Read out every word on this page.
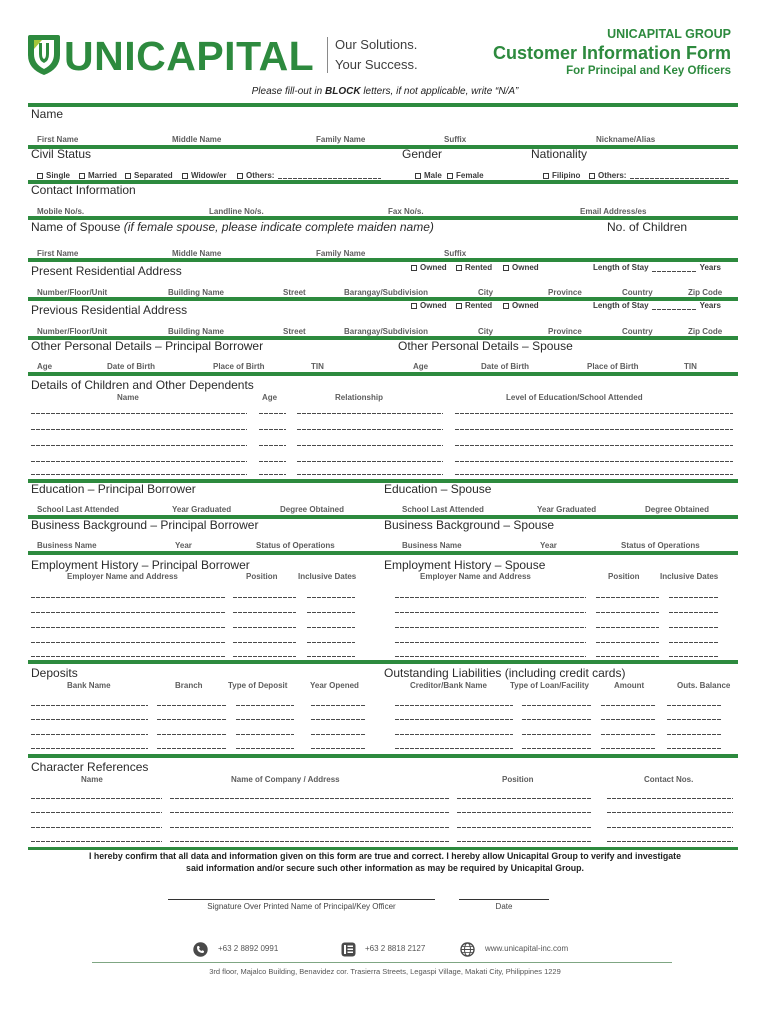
UNICAPITAL Our Solutions.
Your Success.
UNICAPITAL GROUP
Customer Information Form
For Principal and Key Officers
Please fill-out in BLOCK letters, if not applicable, write “N/A”
Name
First Name	Middle Name	Family Name	Suffix	Nickname/Alias
Civil Status	Gender	Nationality
Single Married Separated Widow/er Others:	Male Female	Filipino Others:
Contact Information
Mobile No/s.	Landline No/s.	Fax No/s.	Email Address/es
Name of Spouse (if female spouse, please indicate complete maiden name)	No. of Children
First Name	Middle Name	Family Name	Suffix
Present Residential Address	Owned Rented Owned	Length of Stay	Years
Number/Floor/Unit	Building Name	Street	Barangay/Subdivision	City	Province	Country	Zip Code
Previous Residential Address	Owned Rented Owned	Length of Stay	Years
Number/Floor/Unit	Building Name	Street	Barangay/Subdivision	City	Province	Country	Zip Code
Other Personal Details – Principal Borrower	Other Personal Details – Spouse
Age	Date of Birth	Place of Birth	TIN	Age	Date of Birth	Place of Birth	TIN
Details of Children and Other Dependents
Name	Age	Relationship	Level of Education/School Attended
Education – Principal Borrower	Education – Spouse
School Last Attended	Year Graduated	Degree Obtained	School Last Attended	Year Graduated	Degree Obtained
Business Background – Principal Borrower	Business Background – Spouse
Business Name	Year	Status of Operations	Business Name	Year	Status of Operations
Employment History – Principal Borrower	Employment History – Spouse
Employer Name and Address	Position	Inclusive Dates	Employer Name and Address	Position	Inclusive Dates
Deposits	Outstanding Liabilities (including credit cards)
Bank Name	Branch	Type of Deposit	Year Opened	Creditor/Bank Name	Type of Loan/Facility	Amount	Outs. Balance
Character References
Name	Name of Company / Address	Position	Contact Nos.
I hereby confirm that all data and information given on this form are true and correct. I hereby allow Unicapital Group to verify and investigate
said information and/or secure such other information as may be required by Unicapital Group.
Signature Over Printed Name of Principal/Key Officer	Date
+63 2 8892 0991	+63 2 8818 2127	www.unicapital-inc.com
3rd floor, Majalco Building, Benavidez cor. Trasierra Streets, Legaspi Village, Makati City, Philippines 1229
